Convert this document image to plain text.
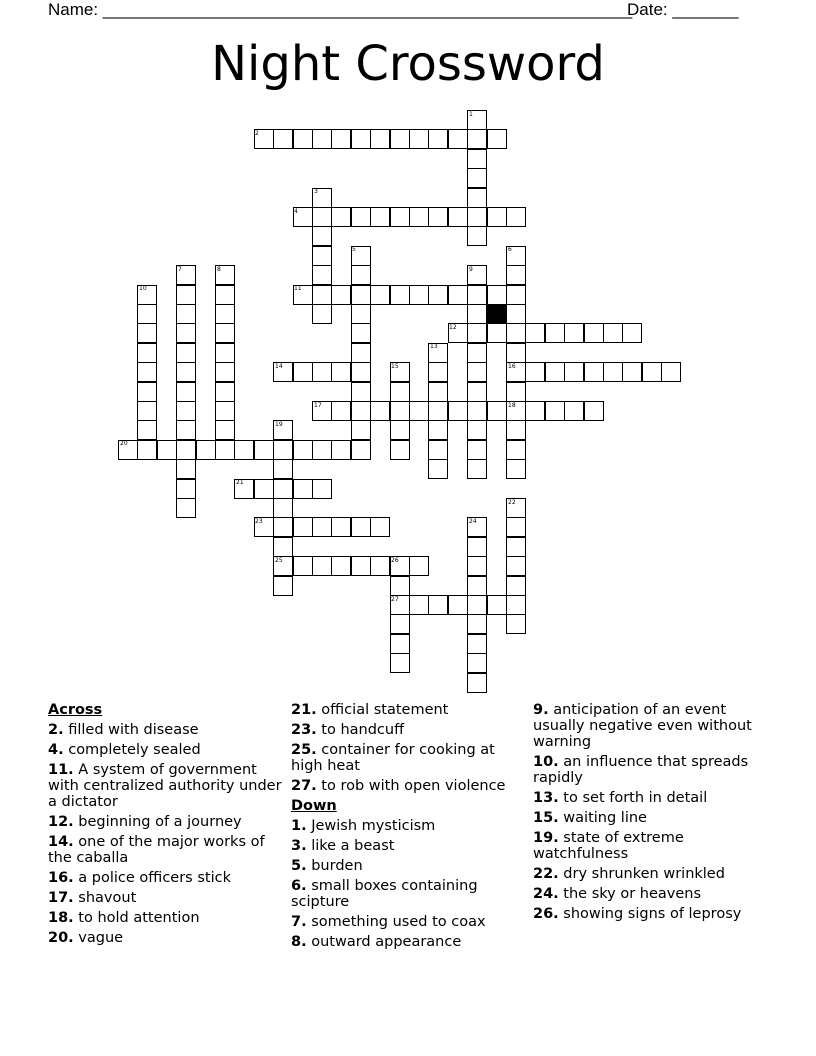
Name: ________________________________________________________
Date: _______
Night Crossword
2
4
11
12
14	16
17	18
20
21
23
25
27
1
3
5	6
7	8	9
10
13
15
19
22
24
26

Across

2. filled with disease

4. completely sealed

11. A system of government with centralized authority under a dictator

12. beginning of a journey

14. one of the major works of the caballa

16. a police officers stick

17. shavout

18. to hold attention

20. vague

21. official statement

23. to handcuff

25. container for cooking at high heat

27. to rob with open violence

Down

1. Jewish mysticism

3. like a beast

5. burden

6. small boxes containing scipture

7. something used to coax

8. outward appearance

9. anticipation of an event usually negative even without warning

10. an influence that spreads rapidly

13. to set forth in detail

15. waiting line

19. state of extreme watchfulness

22. dry shrunken wrinkled

24. the sky or heavens

26. showing signs of leprosy
